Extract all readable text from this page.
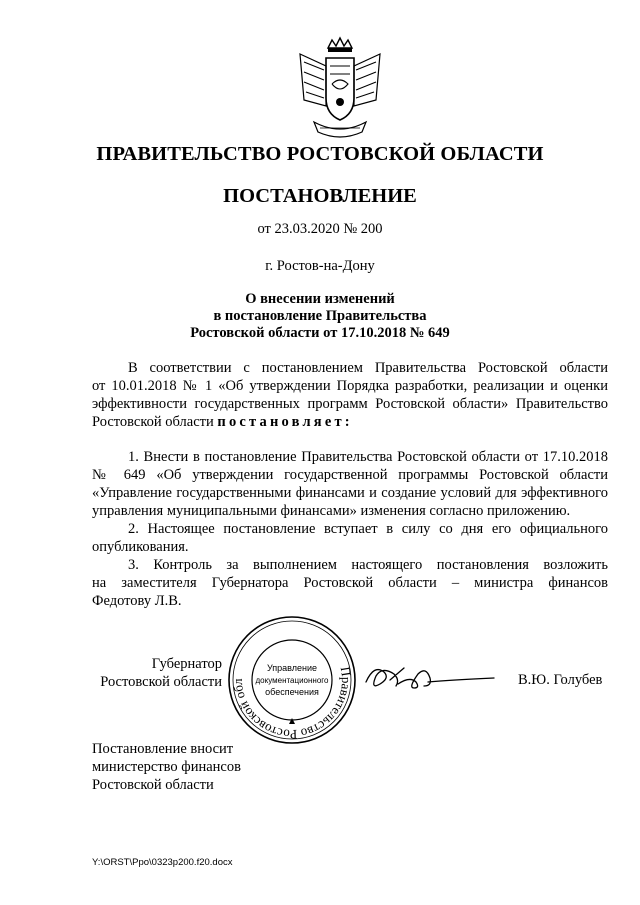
ПРАВИТЕЛЬСТВО РОСТОВСКОЙ ОБЛАСТИ
ПОСТАНОВЛЕНИЕ
от 23.03.2020 № 200
г. Ростов-на-Дону
О внесении изменений
в постановление Правительства
Ростовской области от 17.10.2018 № 649
В соответствии с постановлением Правительства Ростовской области
от 10.01.2018 № 1 «Об утверждении Порядка разработки, реализации и оценки
эффективности государственных программ Ростовской области» Правительство
Ростовской области постановляет:
1. Внести в постановление Правительства Ростовской области от 17.10.2018
№ 649 «Об утверждении государственной программы Ростовской области
«Управление государственными финансами и создание условий для эффективного
управления муниципальными финансами» изменения согласно приложению.
2. Настоящее постановление вступает в силу со дня его официального
опубликования.
3. Контроль за выполнением настоящего постановления возложить
на заместителя Губернатора Ростовской области – министра финансов
Федотову Л.В.
Губернатор
Ростовской области
Правительство Ростовской обл
Управление
документационного
обеспечения
В.Ю. Голубев
Постановление вносит
министерство финансов
Ростовской области
Y:\ORST\Ppo\0323p200.f20.docx
